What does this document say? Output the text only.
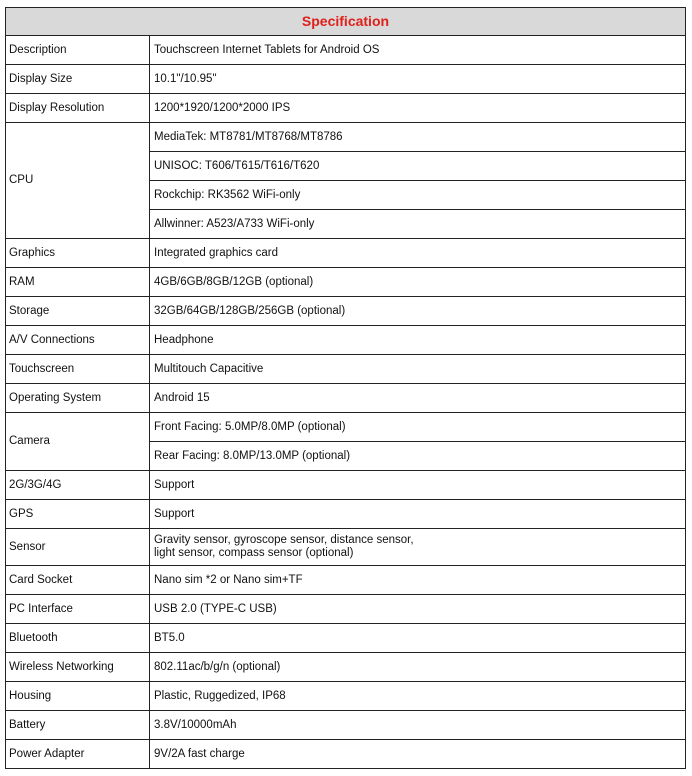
Specification	
Description	Touchscreen Internet Tablets for Android OS
Display Size	10.1"/10.95"
Display Resolution	1200*1920/1200*2000 IPS
CPU	MediaTek: MT8781/MT8768/MT8786
	UNISOC: T606/T615/T616/T620
	Rockchip: RK3562 WiFi-only
	Allwinner: A523/A733 WiFi-only
Graphics	Integrated graphics card
RAM	4GB/6GB/8GB/12GB (optional)
Storage	32GB/64GB/128GB/256GB (optional)
A/V Connections	Headphone
Touchscreen	Multitouch Capacitive
Operating System	Android 15
Camera	Front Facing: 5.0MP/8.0MP (optional)
	Rear Facing: 8.0MP/13.0MP (optional)
2G/3G/4G	Support
GPS	Support
Sensor	Gravity sensor, gyroscope sensor, distance sensor,
light sensor, compass sensor (optional)
Card Socket	Nano sim *2 or Nano sim+TF
PC Interface	USB 2.0 (TYPE-C USB)
Bluetooth	BT5.0
Wireless Networking	802.11ac/b/g/n (optional)
Housing	Plastic, Ruggedized, IP68
Battery	3.8V/10000mAh
Power Adapter	9V/2A fast charge
